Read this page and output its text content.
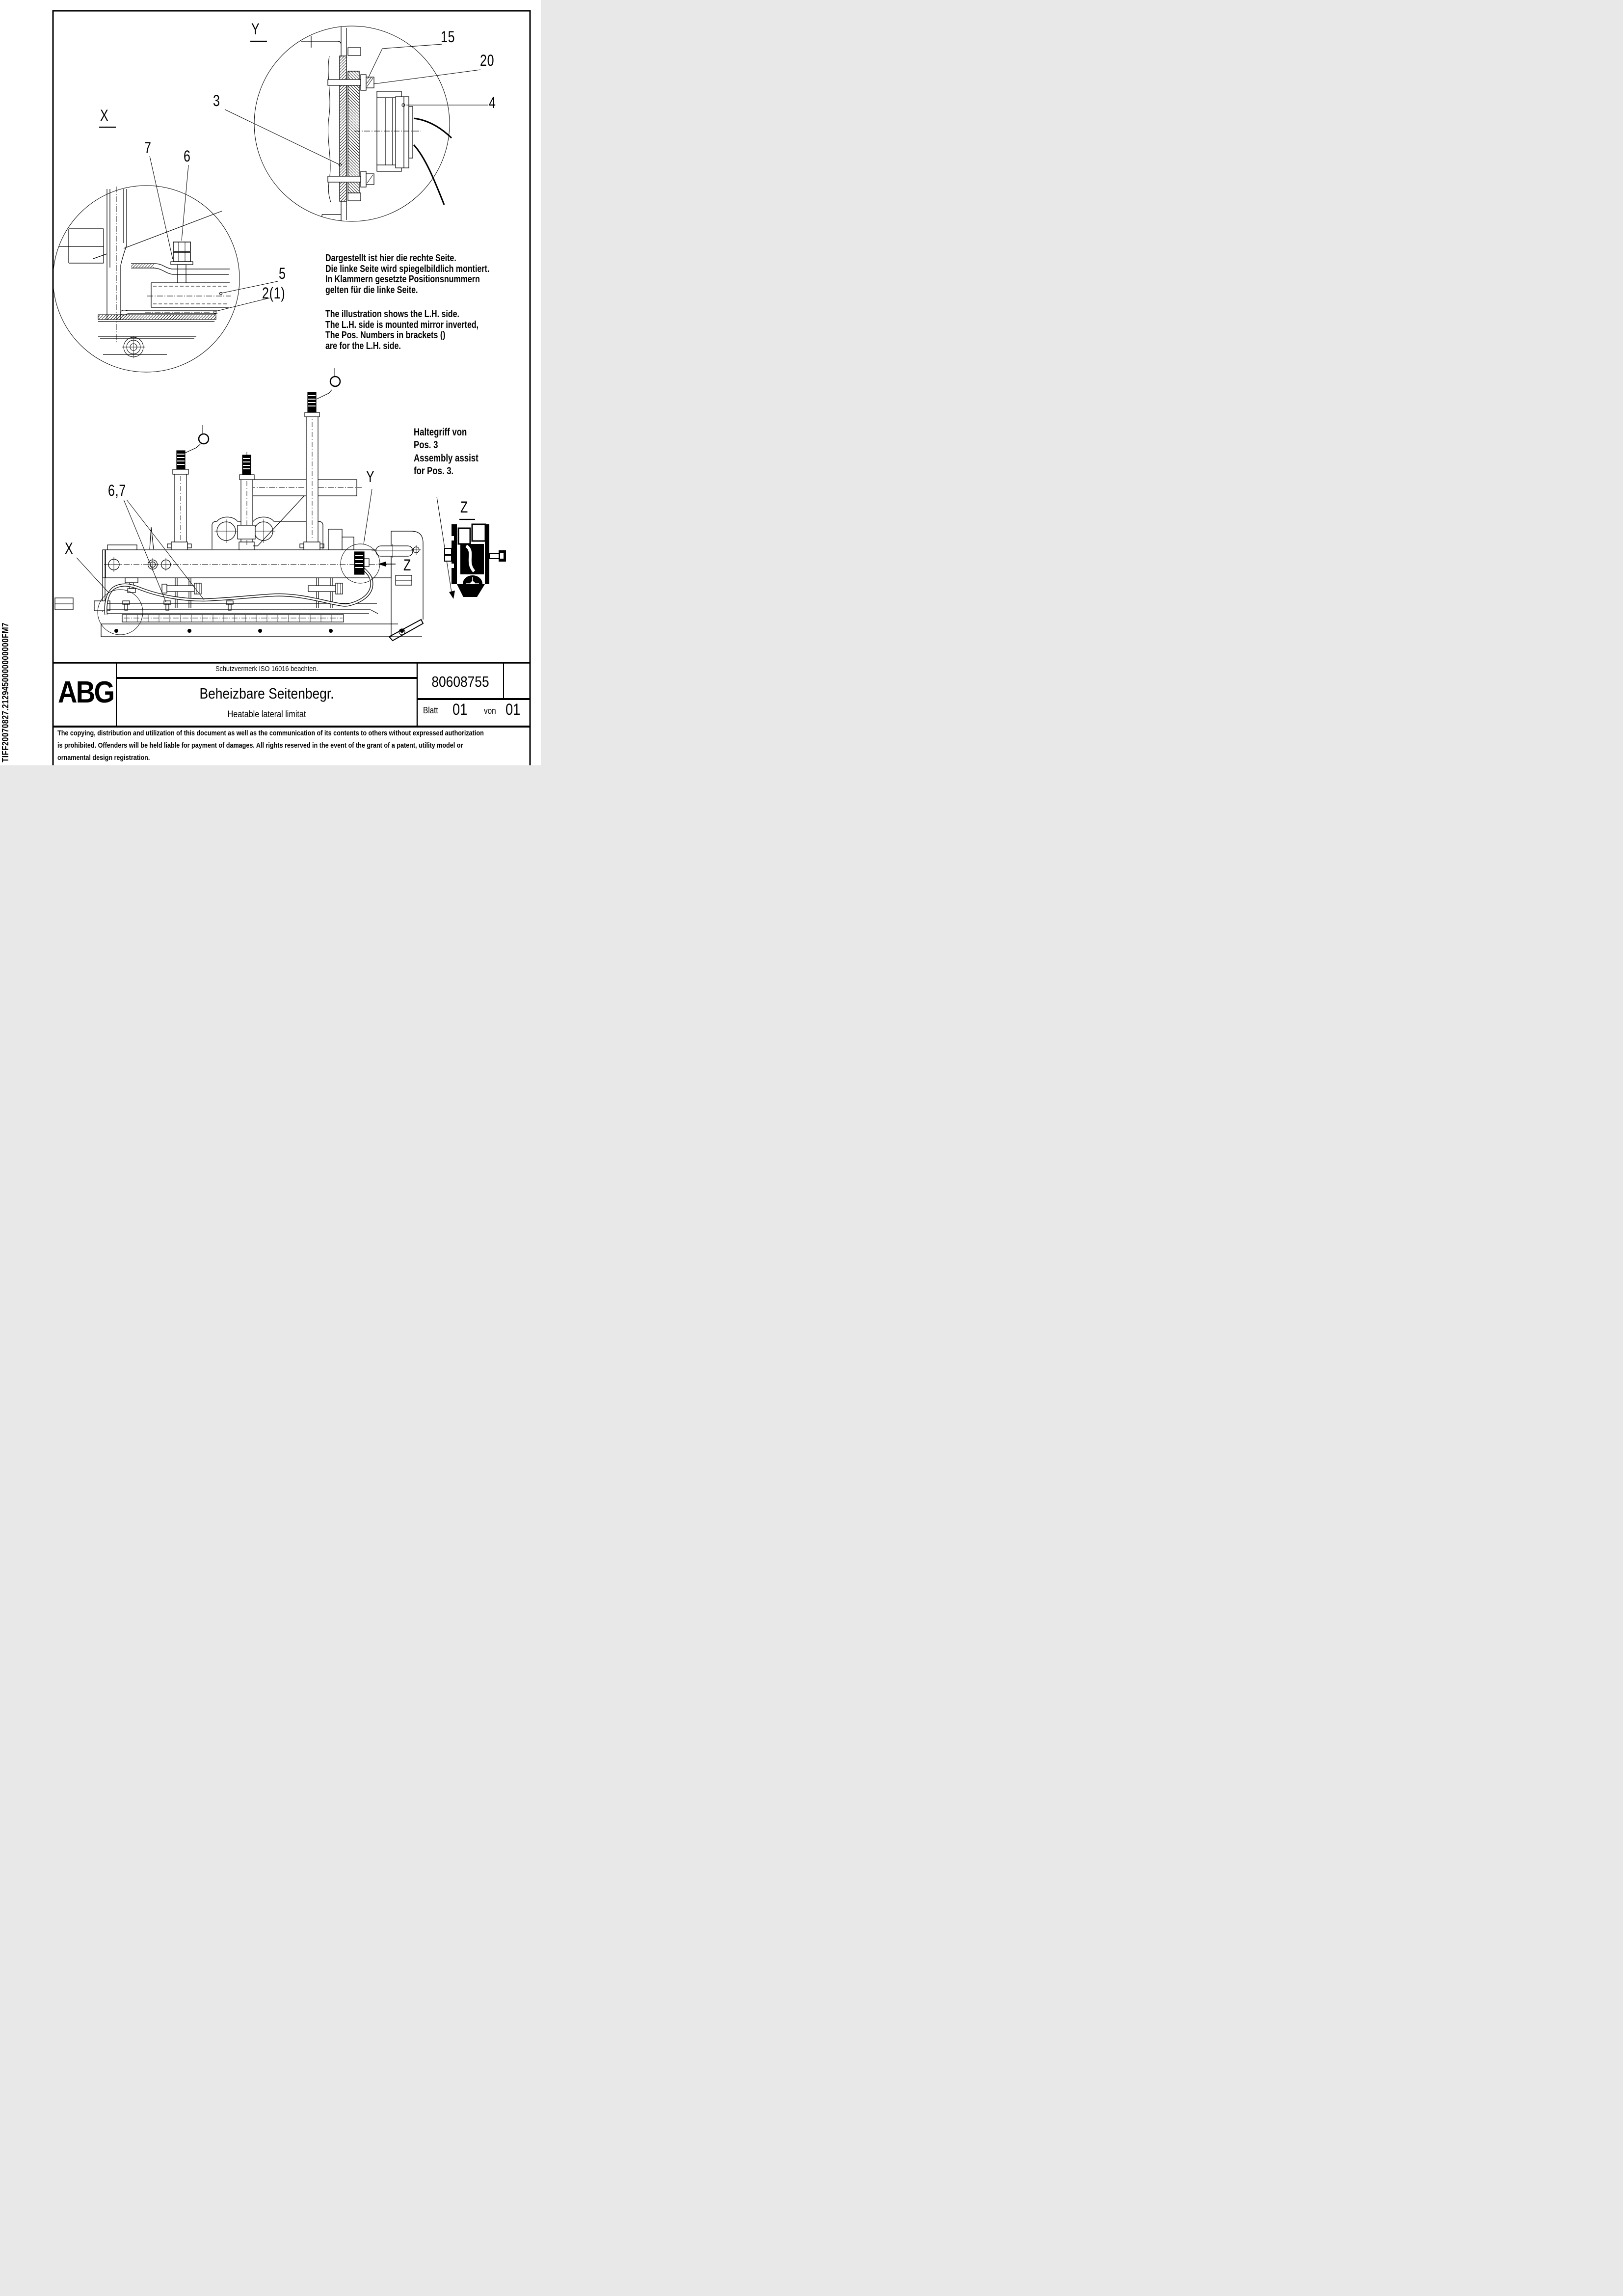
Y	15
20
3	4
X
7 6
5
2(1)
6,7
X
Y
Z
Z
Dargestellt ist hier die rechte Seite.
Die linke Seite wird spiegelbildlich montiert.
In Klammern gesetzte Positionsnummern
gelten für die linke Seite.
The illustration shows the L.H. side.
The L.H. side is mounted mirror inverted,
The Pos. Numbers in brackets ()
are for the L.H. side.
Haltegriff von
Pos. 3
Assembly assist
for Pos. 3.
ABG
Schutzvermerk ISO 16016 beachten.
Beheizbare Seitenbegr.
Heatable lateral limitat
80608755
Blatt 01 von 01
The copying, distribution and utilization of this document as well as the communication of its contents to others without expressed authorization
is prohibited. Offenders will be held liable for payment of damages. All rights reserved in the event of the grant of a patent, utility model or
ornamental design registration.
TIFF20070827.2129450000000000FM7
